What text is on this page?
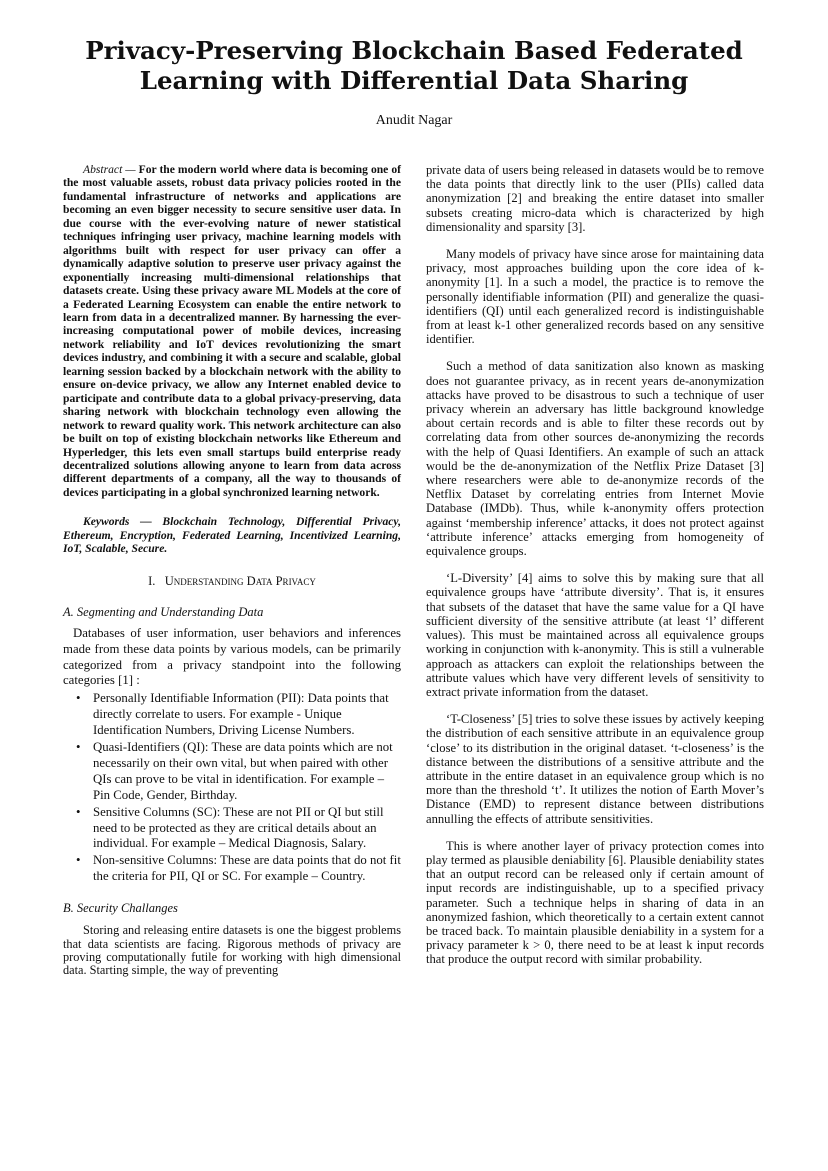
Privacy-Preserving Blockchain Based Federated
Learning with Differential Data Sharing
Anudit Nagar

Abstract — For the modern world where data is becoming one of the most valuable assets, robust data privacy policies rooted in the fundamental infrastructure of networks and applications are becoming an even bigger necessity to secure sensitive user data. In due course with the ever-evolving nature of newer statistical techniques infringing user privacy, machine learning models with algorithms built with respect for user privacy can offer a dynamically adaptive solution to preserve user privacy against the exponentially increasing multi-dimensional relationships that datasets create. Using these privacy aware ML Models at the core of a Federated Learning Ecosystem can enable the entire network to learn from data in a decentralized manner. By harnessing the ever-increasing computational power of mobile devices, increasing network reliability and IoT devices revolutionizing the smart devices industry, and combining it with a secure and scalable, global learning session backed by a blockchain network with the ability to ensure on-device privacy, we allow any Internet enabled device to participate and contribute data to a global privacy-preserving, data sharing network with blockchain technology even allowing the network to reward quality work. This network architecture can also be built on top of existing blockchain networks like Ethereum and Hyperledger, this lets even small startups build enterprise ready decentralized solutions allowing anyone to learn from data across different departments of a company, all the way to thousands of devices participating in a global synchronized learning network.

Keywords — Blockchain Technology, Differential Privacy, Ethereum, Encryption, Federated Learning, Incentivized Learning, IoT, Scalable, Secure.

I. Understanding Data Privacy

A. Segmenting and Understanding Data

Databases of user information, user behaviors and inferences made from these data points by various models, can be primarily categorized from a privacy standpoint into the following categories [1] :

• Personally Identifiable Information (PII): Data points that directly correlate to users. For example - Unique Identification Numbers, Driving License Numbers.
• Quasi-Identifiers (QI): These are data points which are not necessarily on their own vital, but when paired with other QIs can prove to be vital in identification. For example – Pin Code, Gender, Birthday.
• Sensitive Columns (SC): These are not PII or QI but still need to be protected as they are critical details about an individual. For example – Medical Diagnosis, Salary.
• Non-sensitive Columns: These are data points that do not fit the criteria for PII, QI or SC. For example – Country.

B. Security Challanges

Storing and releasing entire datasets is one the biggest problems that data scientists are facing. Rigorous methods of privacy are proving computationally futile for working with high dimensional data. Starting simple, the way of preventing

private data of users being released in datasets would be to remove the data points that directly link to the user (PIIs) called data anonymization [2] and breaking the entire dataset into smaller subsets creating micro-data which is characterized by high dimensionality and sparsity [3].

Many models of privacy have since arose for maintaining data privacy, most approaches building upon the core idea of k-anonymity [1]. In a such a model, the practice is to remove the personally identifiable information (PII) and generalize the quasi-identifiers (QI) until each generalized record is indistinguishable from at least k-1 other generalized records based on any sensitive identifier.

Such a method of data sanitization also known as masking does not guarantee privacy, as in recent years de-anonymization attacks have proved to be disastrous to such a technique of user privacy wherein an adversary has little background knowledge about certain records and is able to filter these records out by correlating data from other sources de-anonymizing the records with the help of Quasi Identifiers. An example of such an attack would be the de-anonymization of the Netflix Prize Dataset [3] where researchers were able to de-anonymize records of the Netflix Dataset by correlating entries from Internet Movie Database (IMDb). Thus, while k-anonymity offers protection against ‘membership inference’ attacks, it does not protect against ‘attribute inference’ attacks emerging from homogeneity of equivalence groups.

‘L-Diversity’ [4] aims to solve this by making sure that all equivalence groups have ‘attribute diversity’. That is, it ensures that subsets of the dataset that have the same value for a QI have sufficient diversity of the sensitive attribute (at least ‘l’ different values). This must be maintained across all equivalence groups working in conjunction with k-anonymity. This is still a vulnerable approach as attackers can exploit the relationships between the attribute values which have very different levels of sensitivity to extract private information from the dataset.

‘T-Closeness’ [5] tries to solve these issues by actively keeping the distribution of each sensitive attribute in an equivalence group ‘close’ to its distribution in the original dataset. ‘t-closeness’ is the distance between the distributions of a sensitive attribute and the attribute in the entire dataset in an equivalence group which is no more than the threshold ‘t’. It utilizes the notion of Earth Mover’s Distance (EMD) to represent distance between distributions annulling the effects of attribute sensitivities.

This is where another layer of privacy protection comes into play termed as plausible deniability [6]. Plausible deniability states that an output record can be released only if certain amount of input records are indistinguishable, up to a specified privacy parameter. Such a technique helps in sharing of data in an anonymized fashion, which theoretically to a certain extent cannot be traced back. To maintain plausible deniability in a system for a privacy parameter k > 0, there need to be at least k input records that produce the output record with similar probability.
